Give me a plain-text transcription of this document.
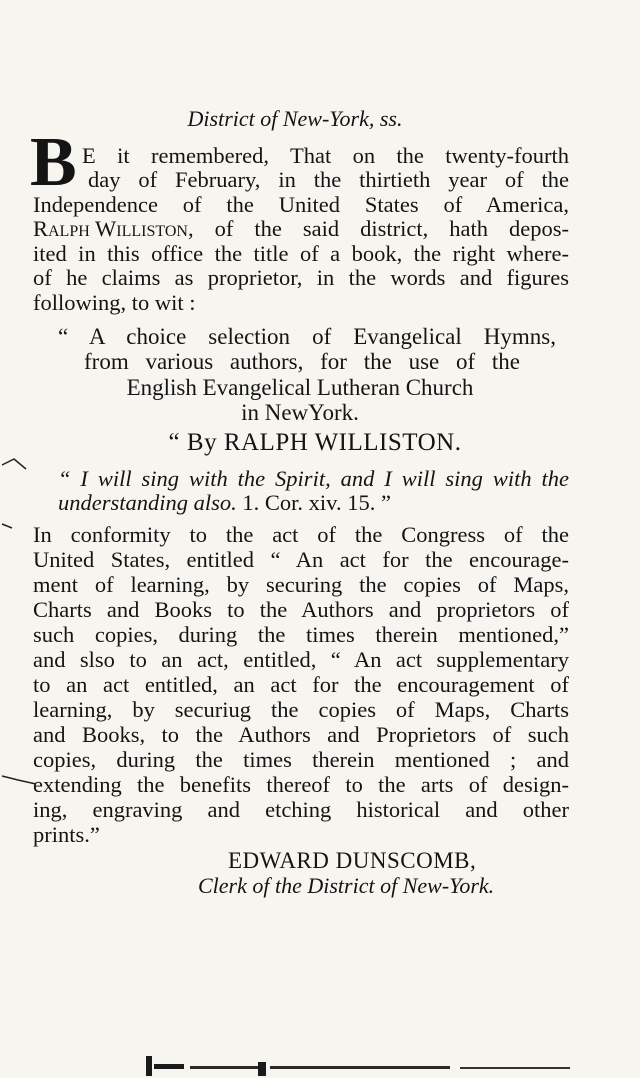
District of New-York, ss.
B E it remembered, That on the twenty-fourth
day of February, in the thirtieth year of the
Independence of the United States of America,
Ralph Williston , of the said district, hath depos-
ited in this office the title of a book, the right where-
of he claims as proprietor, in the words and figures
following, to wit :
“ A choice selection of Evangelical Hymns,
from various authors, for the use of the
English Evangelical Lutheran Church
in NewYork.
“ By RALPH WILLISTON.
“ I will sing with the Spirit, and I will sing with the
understanding also. 1. Cor. xiv. 15. ”
In conformity to the act of the Congress of the
United States, entitled “ An act for the encourage-
ment of learning, by securing the copies of Maps,
Charts and Books to the Authors and proprietors of
such copies, during the times therein mentioned,”
and slso to an act, entitled, “ An act supplementary
to an act entitled, an act for the encouragement of
learning, by securiug the copies of Maps, Charts
and Books, to the Authors and Proprietors of such
copies, during the times therein mentioned ; and
extending the benefits thereof to the arts of design-
ing, engraving and etching historical and other
prints.”
EDWARD DUNSCOMB,
Clerk of the District of New-York.
